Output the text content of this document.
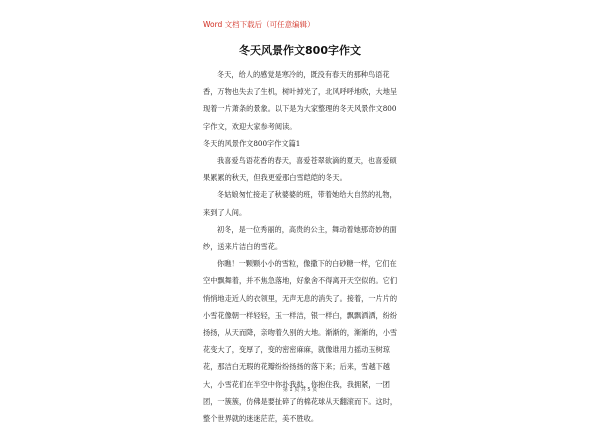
Word 文档下载后（可任意编辑）
冬天风景作文800字作文

冬天，给人的感觉是寒冷的，既没有春天的那种鸟语花香，万物也失去了生机，树叶掉光了，北风呼呼地吹，大地呈现着一片萧条的景象。以下是为大家整理的冬天风景作文800字作文，欢迎大家参考阅读。

冬天的风景作文800字作文篇1

我喜爱鸟语花香的春天，喜爱苍翠欲滴的夏天，也喜爱硕果累累的秋天，但我更爱那白雪皑皑的冬天。

冬姑娘匆忙接走了秋婆婆的班，带着她给大自然的礼物，来到了人间。

初冬，是一位秀丽的，高贵的公主，舞动着她那奇妙的面纱，送来片洁白的雪花。

你瞧！一颗颗小小的雪粒，像撒下的白砂糖一样，它们在空中飘舞着，并不焦急落地，好象舍不得离开天空似的。它们悄悄地走近人的衣领里，无声无息的消失了。接着，一片片的小雪花像朝一样轻轻，玉一样洁，银一样白，飘飘洒洒，纷纷扬扬，从天而降，亲吻着久别的大地。渐渐的，渐渐的，小雪花变大了，变厚了，变的密密麻麻，就像谁用力摇动玉树琼花，那洁白无瑕的花瓣纷纷扬扬的落下来；后来，雪越下越大，小雪花们在半空中你扑我挞，你抱住我，我拥紧，一团团，一簇簇，仿佛是要扯碎了的棉花球从天翻滚而下。这时，整个世界就的迷迷茫茫，美不胜收。

第 1 页 共 5 页
